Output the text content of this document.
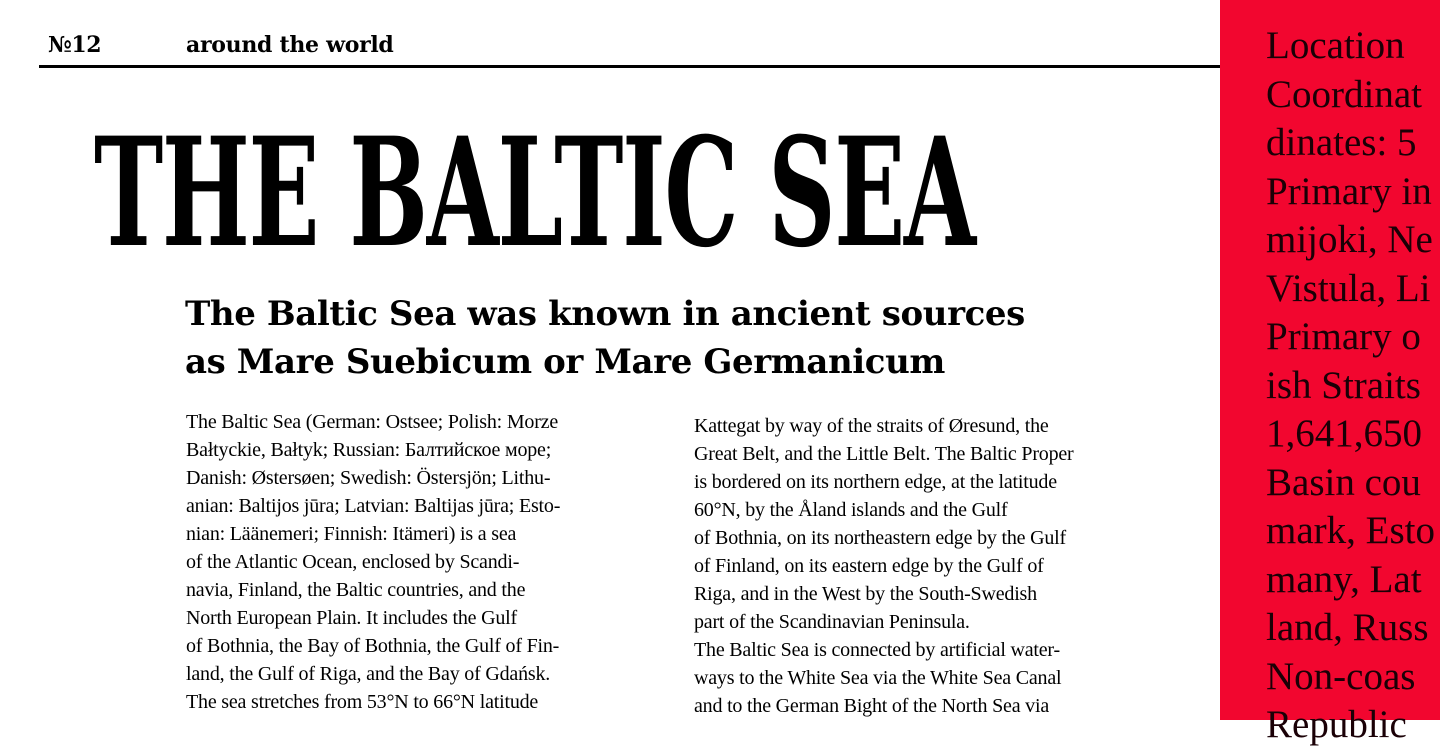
№12	around the world
THE BALTIC SEA
The Baltic Sea was known in ancient sources
as Mare Suebicum or Mare Germanicum
The Baltic Sea (German: Ostsee; Polish: Morze
Bałtyckie, Bałtyk; Russian: Балтийское море;
Danish: Østersøen; Swedish: Östersjön; Lithu-
anian: Baltijos jūra; Latvian: Baltijas jūra; Esto-
nian: Läänemeri; Finnish: Itämeri) is a sea
of the Atlantic Ocean, enclosed by Scandi-
navia, Finland, the Baltic countries, and the
North European Plain. It includes the Gulf
of Bothnia, the Bay of Bothnia, the Gulf of Fin-
land, the Gulf of Riga, and the Bay of Gdańsk.
The sea stretches from 53°N to 66°N latitude
Kattegat by way of the straits of Øresund, the
Great Belt, and the Little Belt. The Baltic Proper
is bordered on its northern edge, at the latitude
60°N, by the Åland islands and the Gulf
of Bothnia, on its northeastern edge by the Gulf
of Finland, on its eastern edge by the Gulf of
Riga, and in the West by the South-Swedish
part of the Scandinavian Peninsula.
The Baltic Sea is connected by artificial water-
ways to the White Sea via the White Sea Canal
and to the German Bight of the North Sea via
Location
Coordinat
dinates: 5
Primary in
mijoki, Ne
Vistula, Li
Primary o
ish Straits
1,641,650
Basin cou
mark, Esto
many, Lat
land, Russ
Non-coas
Republic
